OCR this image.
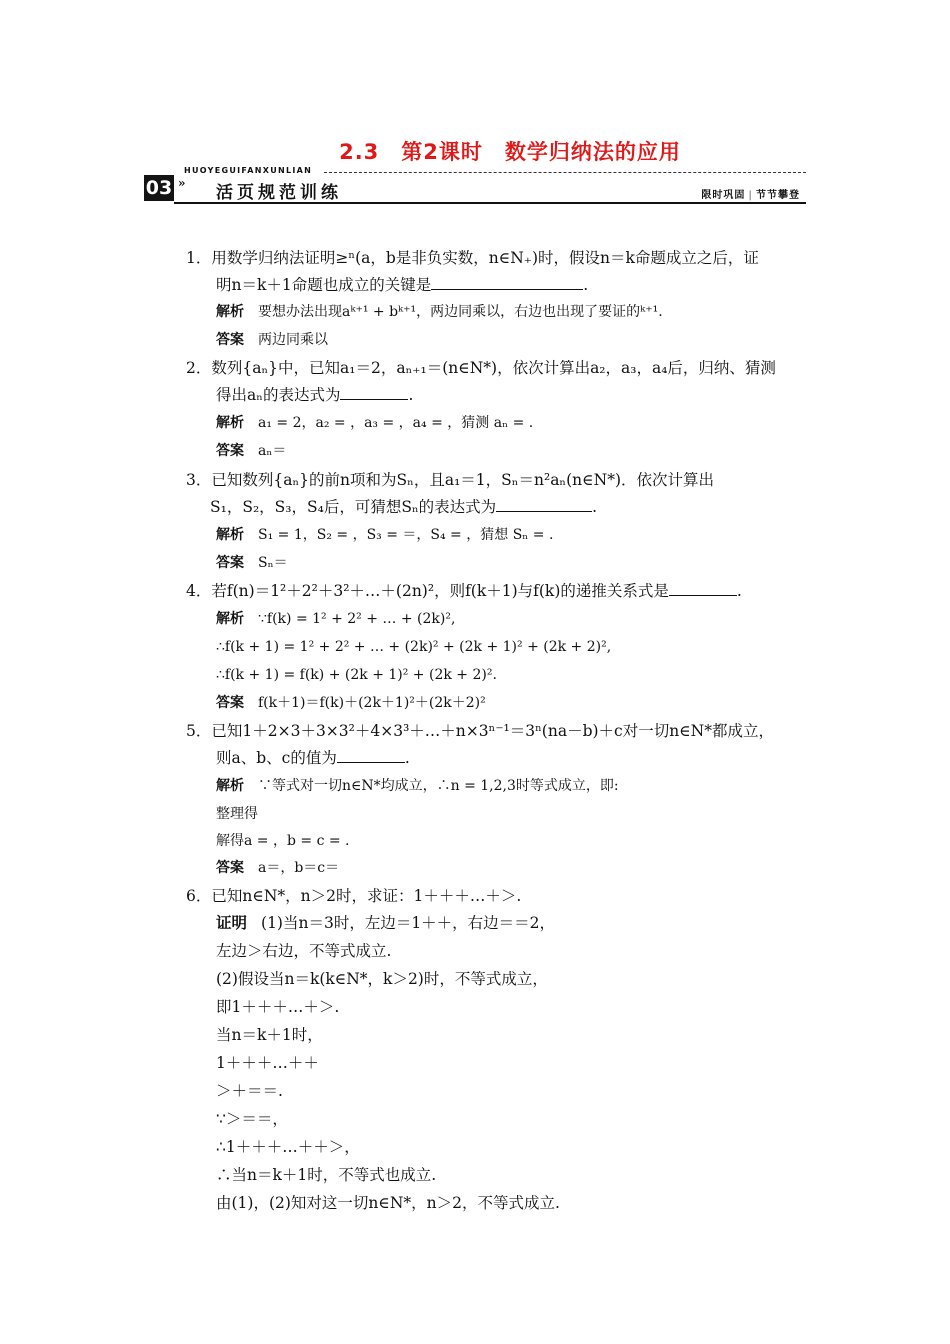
2.3　第2课时　数学归纳法的应用
HUOYEGUIFANXUNLIAN
03 » 活页规范训练	限时巩固 | 节节攀登
1．用数学归纳法证明≥ⁿ(a，b是非负实数，n∈N₊)时，假设n＝k命题成立之后，证
明n＝k＋1命题也成立的关键是	.
解析 要想办法出现aᵏ⁺¹ + bᵏ⁺¹，两边同乘以，右边也出现了要证的ᵏ⁺¹.
答案 两边同乘以
2．数列{aₙ}中，已知a₁＝2，aₙ₊₁＝(n∈N*)，依次计算出a₂，a₃，a₄后，归纳、猜测
得出aₙ的表达式为	.
解析 a₁ = 2，a₂ = ，a₃ = ，a₄ = ，猜测 aₙ = .
答案 aₙ＝
3．已知数列{aₙ}的前n项和为Sₙ，且a₁＝1，Sₙ＝n²aₙ(n∈N*)．依次计算出
S₁，S₂，S₃，S₄后，可猜想Sₙ的表达式为	.
解析 S₁ = 1，S₂ = ，S₃ = ＝，S₄ = ，猜想 Sₙ = .
答案 Sₙ＝
4．若f(n)＝1²＋2²＋3²＋…＋(2n)²，则f(k＋1)与f(k)的递推关系式是	.
解析 ∵f(k) = 1² + 2² + … + (2k)²,
∴f(k + 1) = 1² + 2² + … + (2k)² + (2k + 1)² + (2k + 2)²,
∴f(k + 1) = f(k) + (2k + 1)² + (2k + 2)².
答案 f(k＋1)＝f(k)＋(2k＋1)²＋(2k＋2)²
5．已知1＋2×3＋3×3²＋4×3³＋…＋n×3ⁿ⁻¹＝3ⁿ(na－b)＋c对一切n∈N*都成立，
则a、b、c的值为	.
解析 ∵等式对一切n∈N*均成立，∴n = 1,2,3时等式成立，即:
整理得
解得a = ，b = c = .
答案 a＝，b＝c＝
6．已知n∈N*，n＞2时，求证：1＋＋＋…＋＞.
证明 (1)当n＝3时，左边＝1＋＋，右边＝＝2，
左边＞右边，不等式成立.
(2)假设当n＝k(k∈N*，k＞2)时，不等式成立，
即1＋＋＋…＋＞.
当n＝k＋1时，
1＋＋＋…＋＋
＞＋＝＝.
∵＞＝＝，
∴1＋＋＋…＋＋＞，
∴当n＝k＋1时，不等式也成立.
由(1)，(2)知对这一切n∈N*，n＞2，不等式成立.
